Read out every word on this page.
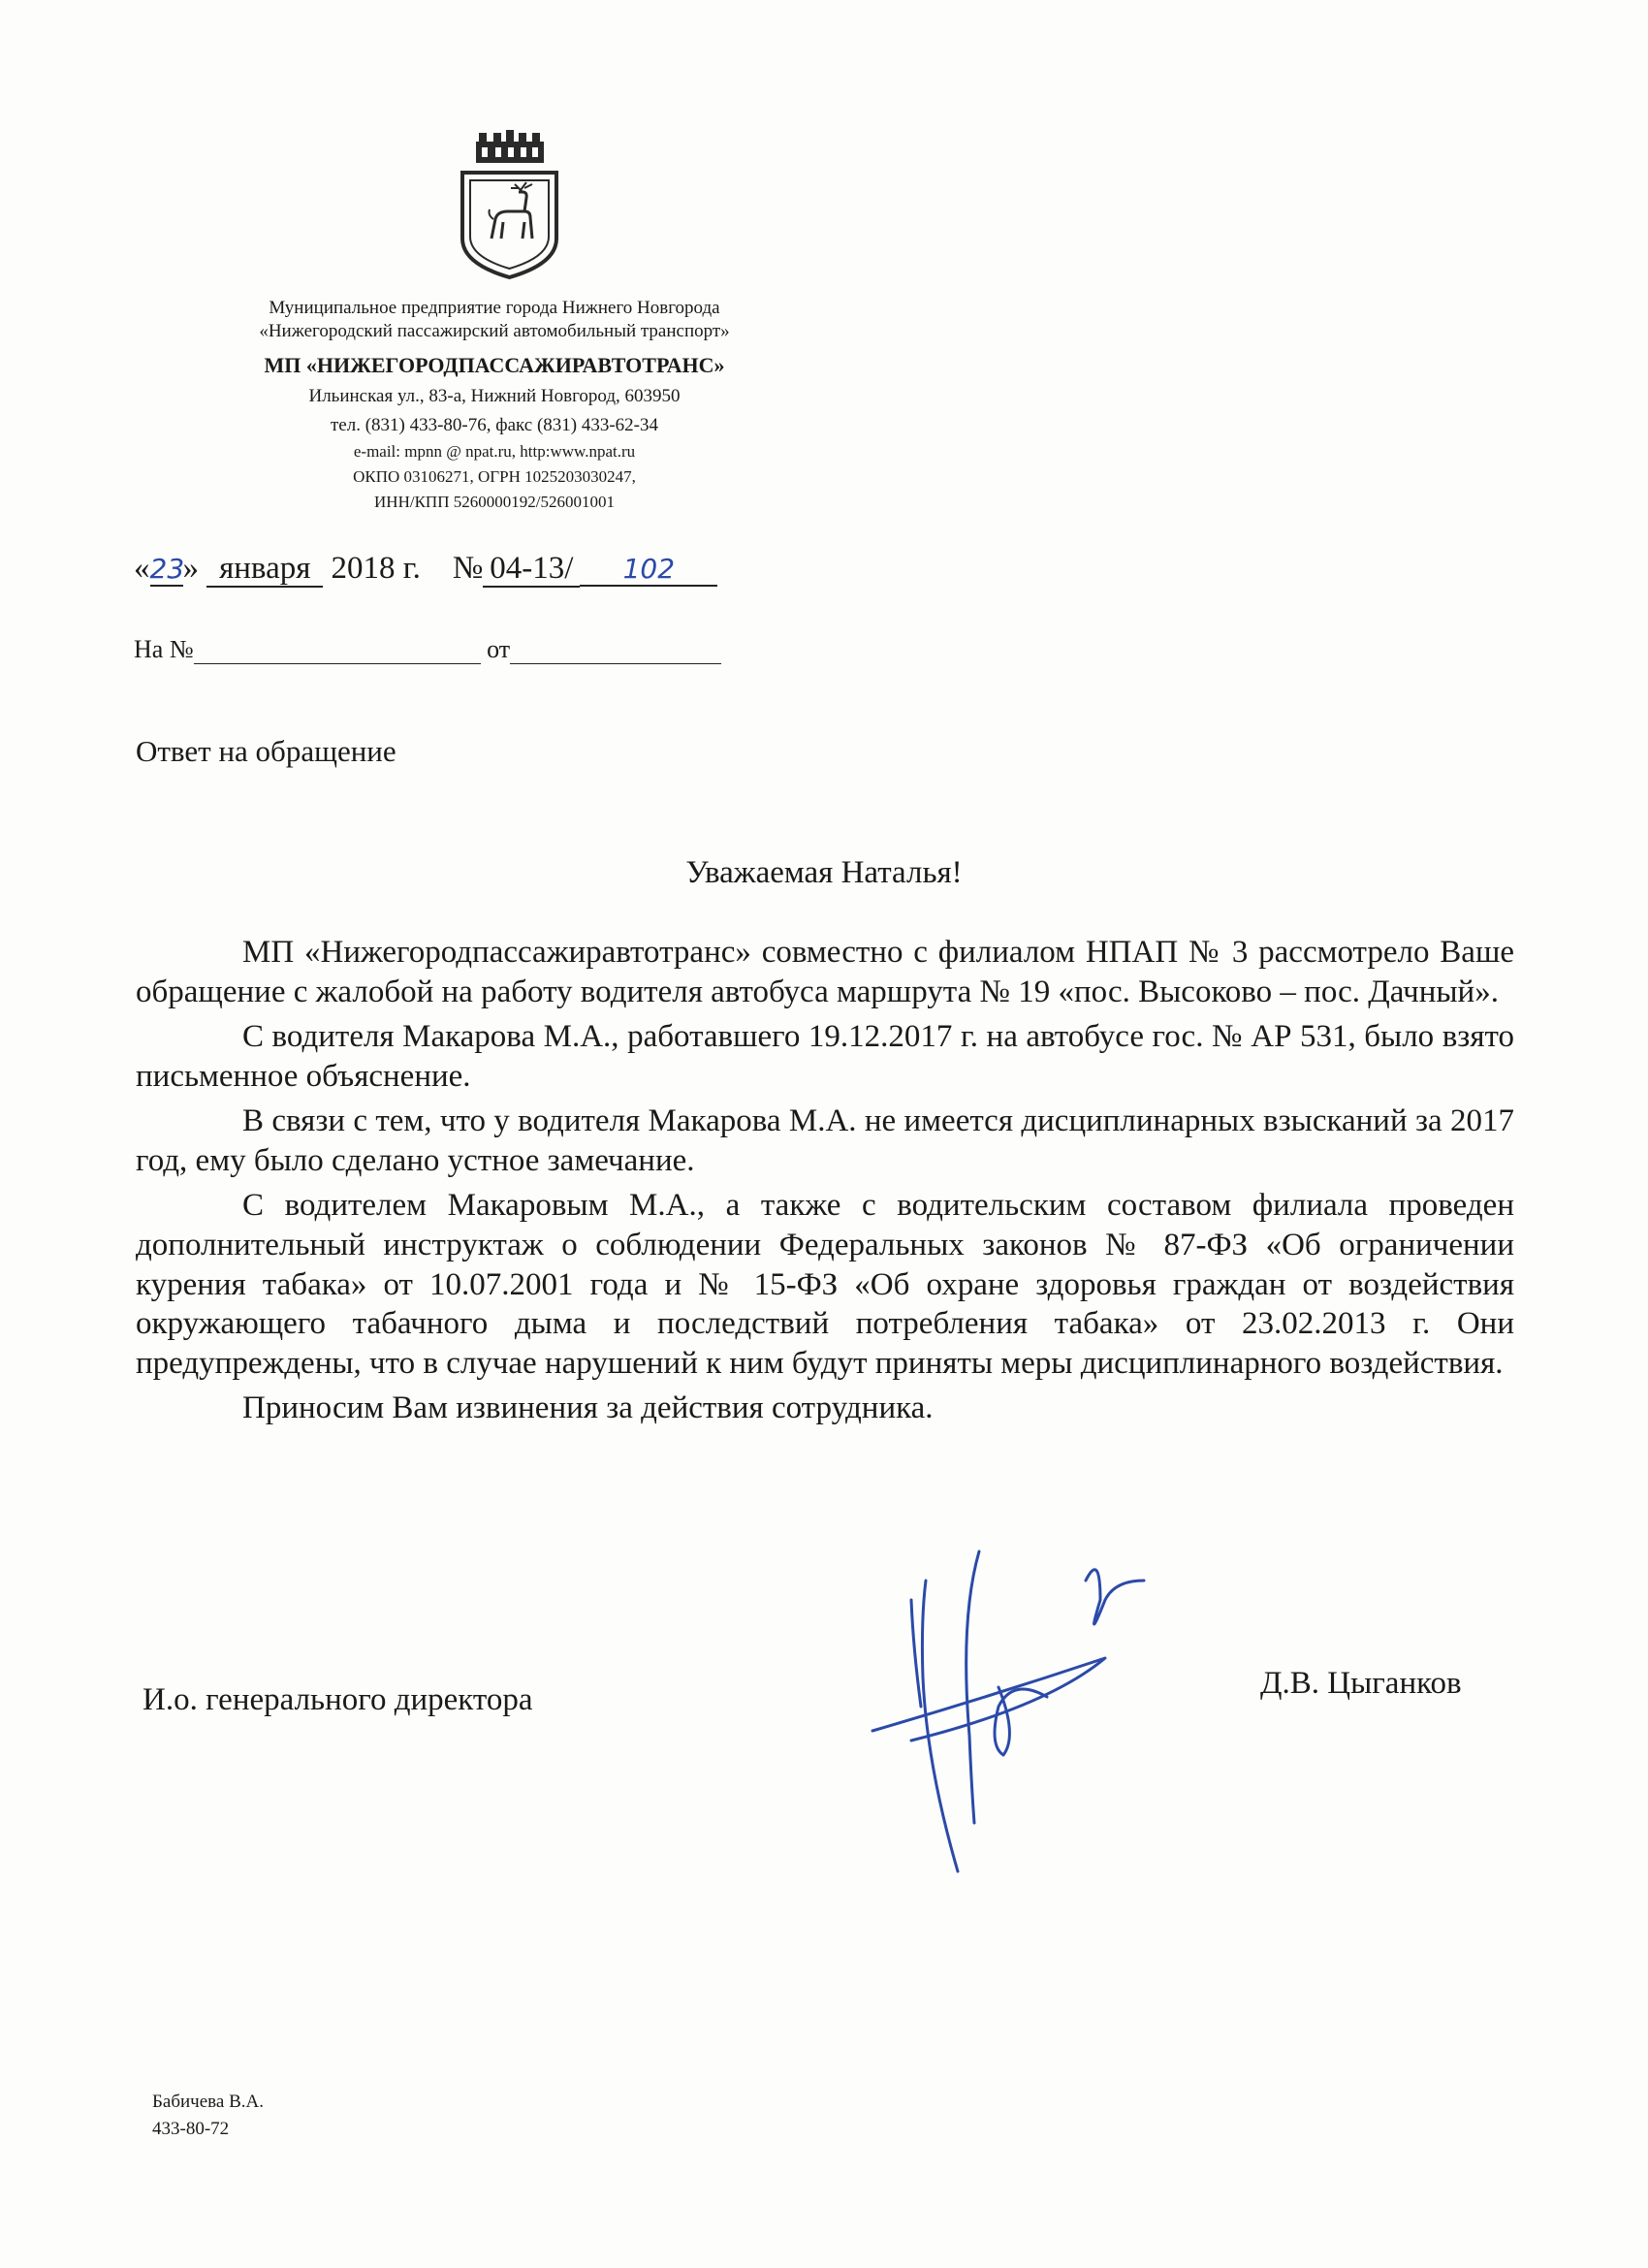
Муниципальное предприятие города Нижнего Новгорода
«Нижегородский пассажирский автомобильный транспорт»
МП «НИЖЕГОРОДПАССАЖИРАВТОТРАНС»
Ильинская ул., 83-а, Нижний Новгород, 603950
тел. (831) 433-80-76, факс (831) 433-62-34
e-mail: mpnn @ npat.ru, http:www.npat.ru
ОКПО 03106271, ОГРН 1025203030247,
ИНН/КПП 5260000192/526001001
«23» января 2018 г. № 04-13/ 102
На №	от
Ответ на обращение
Уважаемая Наталья!

МП «Нижегородпассажиравтотранс» совместно с филиалом НПАП № 3 рассмотрело Ваше обращение с жалобой на работу водителя автобуса маршрута № 19 «пос. Высоково – пос. Дачный».

С водителя Макарова М.А., работавшего 19.12.2017 г. на автобусе гос. № АР 531, было взято письменное объяснение.

В связи с тем, что у водителя Макарова М.А. не имеется дисциплинарных взысканий за 2017 год, ему было сделано устное замечание.

С водителем Макаровым М.А., а также с водительским составом филиала проведен дополнительный инструктаж о соблюдении Федеральных законов № 87-ФЗ «Об ограничении курения табака» от 10.07.2001 года и № 15-ФЗ «Об охране здоровья граждан от воздействия окружающего табачного дыма и последствий потребления табака» от 23.02.2013 г. Они предупреждены, что в случае нарушений к ним будут приняты меры дисциплинарного воздействия.

Приносим Вам извинения за действия сотрудника.

И.о. генерального директора	Д.В. Цыганков
Бабичева В.А.
433-80-72
